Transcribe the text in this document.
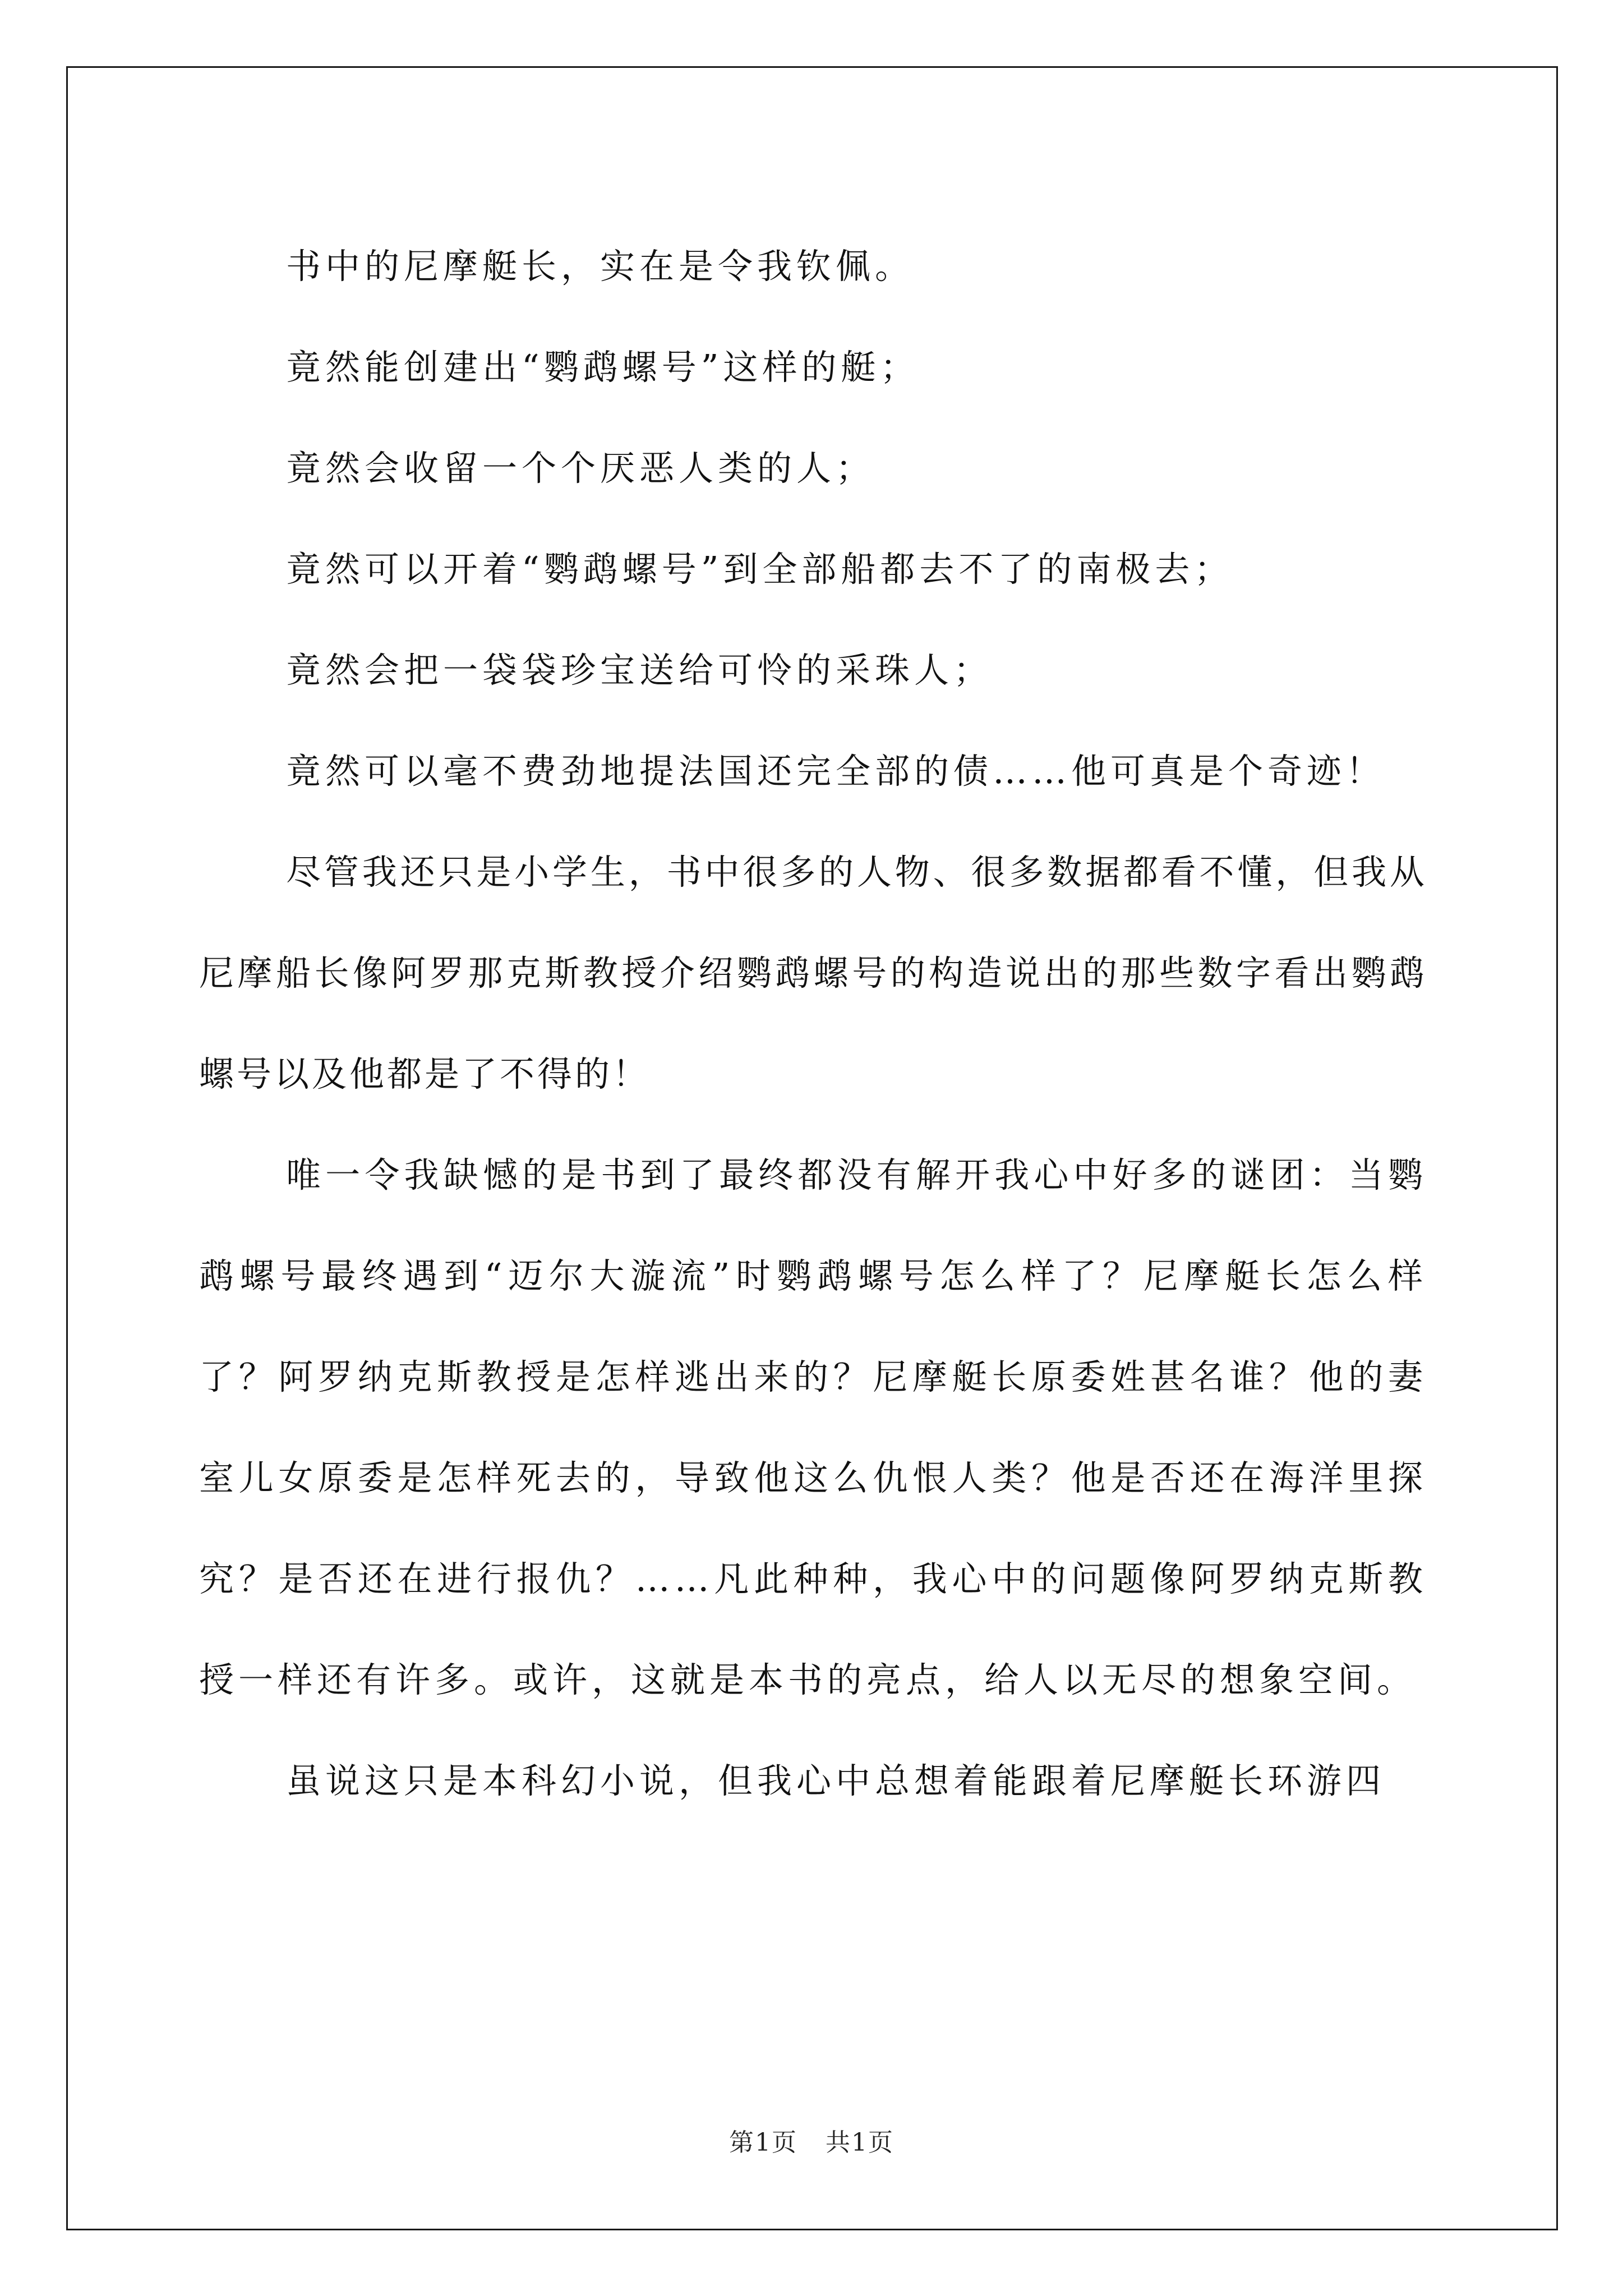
书中的尼摩艇长，实在是令我钦佩。

竟然能创建出“鹦鹉螺号”这样的艇；

竟然会收留一个个厌恶人类的人；

竟然可以开着“鹦鹉螺号”到全部船都去不了的南极去；

竟然会把一袋袋珍宝送给可怜的采珠人；

竟然可以毫不费劲地提法国还完全部的债……他可真是个奇迹！

尽管我还只是小学生，书中很多的人物、很多数据都看不懂，但我从尼摩船长像阿罗那克斯教授介绍鹦鹉螺号的构造说出的那些数字看出鹦鹉螺号以及他都是了不得的！

唯一令我缺憾的是书到了最终都没有解开我心中好多的谜团：当鹦鹉螺号最终遇到“迈尔大漩流”时鹦鹉螺号怎么样了？尼摩艇长怎么样了？阿罗纳克斯教授是怎样逃出来的？尼摩艇长原委姓甚名谁？他的妻室儿女原委是怎样死去的，导致他这么仇恨人类？他是否还在海洋里探究？是否还在进行报仇？……凡此种种，我心中的问题像阿罗纳克斯教授一样还有许多。或许，这就是本书的亮点，给人以无尽的想象空间。

虽说这只是本科幻小说，但我心中总想着能跟着尼摩艇长环游四

第1页 共1页
